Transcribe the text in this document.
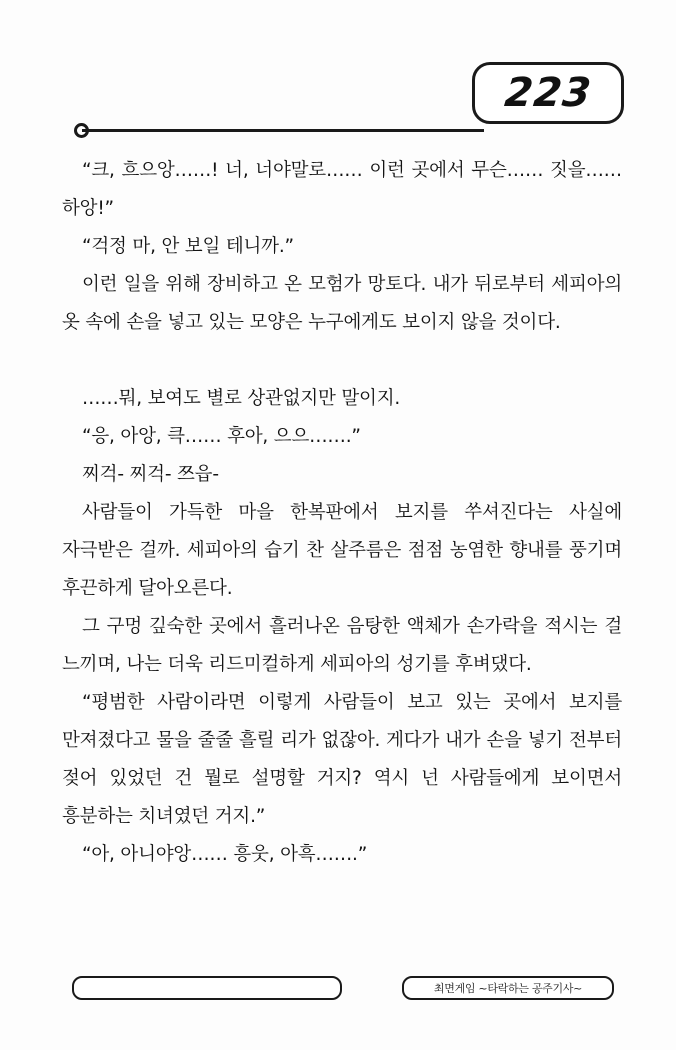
223

“크, 흐으앙……! 너, 너야말로…… 이런 곳에서 무슨…… 짓을…… 하앙!”

“걱정 마, 안 보일 테니까.”

이런 일을 위해 장비하고 온 모험가 망토다. 내가 뒤로부터 세피아의 옷 속에 손을 넣고 있는 모양은 누구에게도 보이지 않을 것이다.

……뭐, 보여도 별로 상관없지만 말이지.

“응, 아앙, 큭…… 후아, 으으…….”

찌걱- 찌걱- 쯔읍-

사람들이 가득한 마을 한복판에서 보지를 쑤셔진다는 사실에 자극받은 걸까. 세피아의 습기 찬 살주름은 점점 농염한 향내를 풍기며 후끈하게 달아오른다.

그 구멍 깊숙한 곳에서 흘러나온 음탕한 액체가 손가락을 적시는 걸 느끼며, 나는 더욱 리드미컬하게 세피아의 성기를 후벼댔다.

“평범한 사람이라면 이렇게 사람들이 보고 있는 곳에서 보지를 만져졌다고 물을 줄줄 흘릴 리가 없잖아. 게다가 내가 손을 넣기 전부터 젖어 있었던 건 뭘로 설명할 거지? 역시 넌 사람들에게 보이면서 흥분하는 치녀였던 거지.”

“아, 아니야앙…… 흥웃, 아흑…….”

최면게임 ~타락하는 공주기사~
